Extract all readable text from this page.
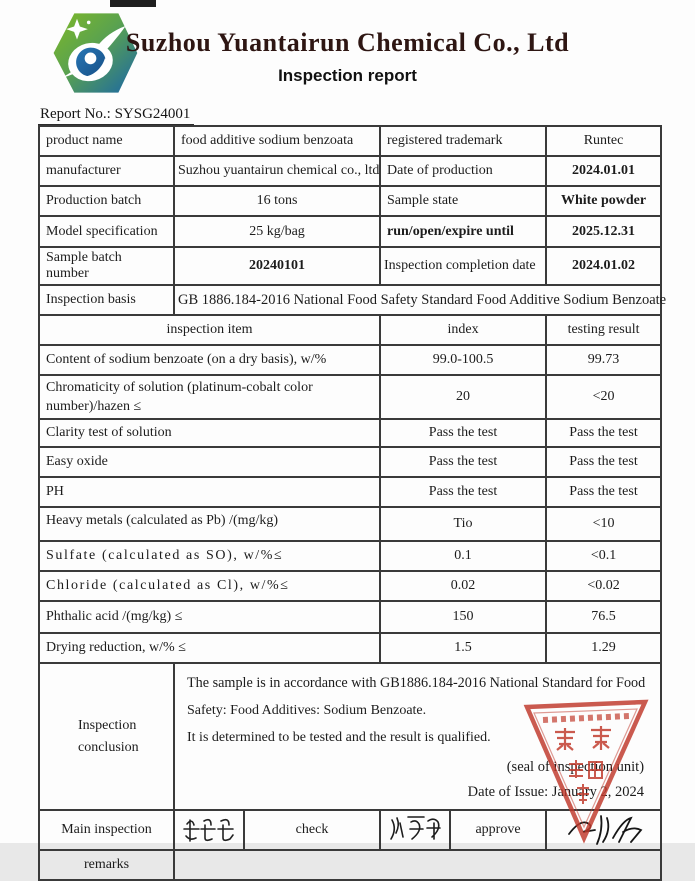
Suzhou Yuantairun Chemical Co., Ltd
Inspection report
Report No.: SYSG24001
product name	food additive sodium benzoata		registered trademark		Runtec
manufacturer	Suzhou yuantairun chemical co., ltd		Date of production		2024.01.01
Production batch	16 tons		Sample state		White powder
Model specification	25 kg/bag		run/open/expire until		2025.12.31
Sample batch number	20240101		Inspection completion date		2024.01.02
Inspection basis	GB 1886.184-2016 National Food Safety Standard Food Additive Sodium Benzoate				
inspection item			index		testing result
Content of sodium benzoate (on a dry basis), w/%			99.0-100.5		99.73
Chromaticity of solution (platinum-cobalt color number)/hazen ≤			20		<20
Clarity test of solution			Pass the test		Pass the test
Easy oxide			Pass the test		Pass the test
PH			Pass the test		Pass the test
Heavy metals (calculated as Pb) /(mg/kg)			Tio		<10
Sulfate (calculated as SO), w/%≤			0.1		<0.1
Chloride (calculated as Cl), w/%≤			0.02		<0.02
Phthalic acid /(mg/kg) ≤			150		76.5
Drying reduction, w/% ≤			1.5		1.29
Inspection conclusion	The sample is in accordance with GB1886.184-2016 National Standard for Food
Safety: Food Additives: Sodium Benzoate.
It is determined to be tested and the result is qualified.
(seal of inspection unit)
Date of Issue: January 2, 2024				

Main inspection		check		approve	

remarks					
